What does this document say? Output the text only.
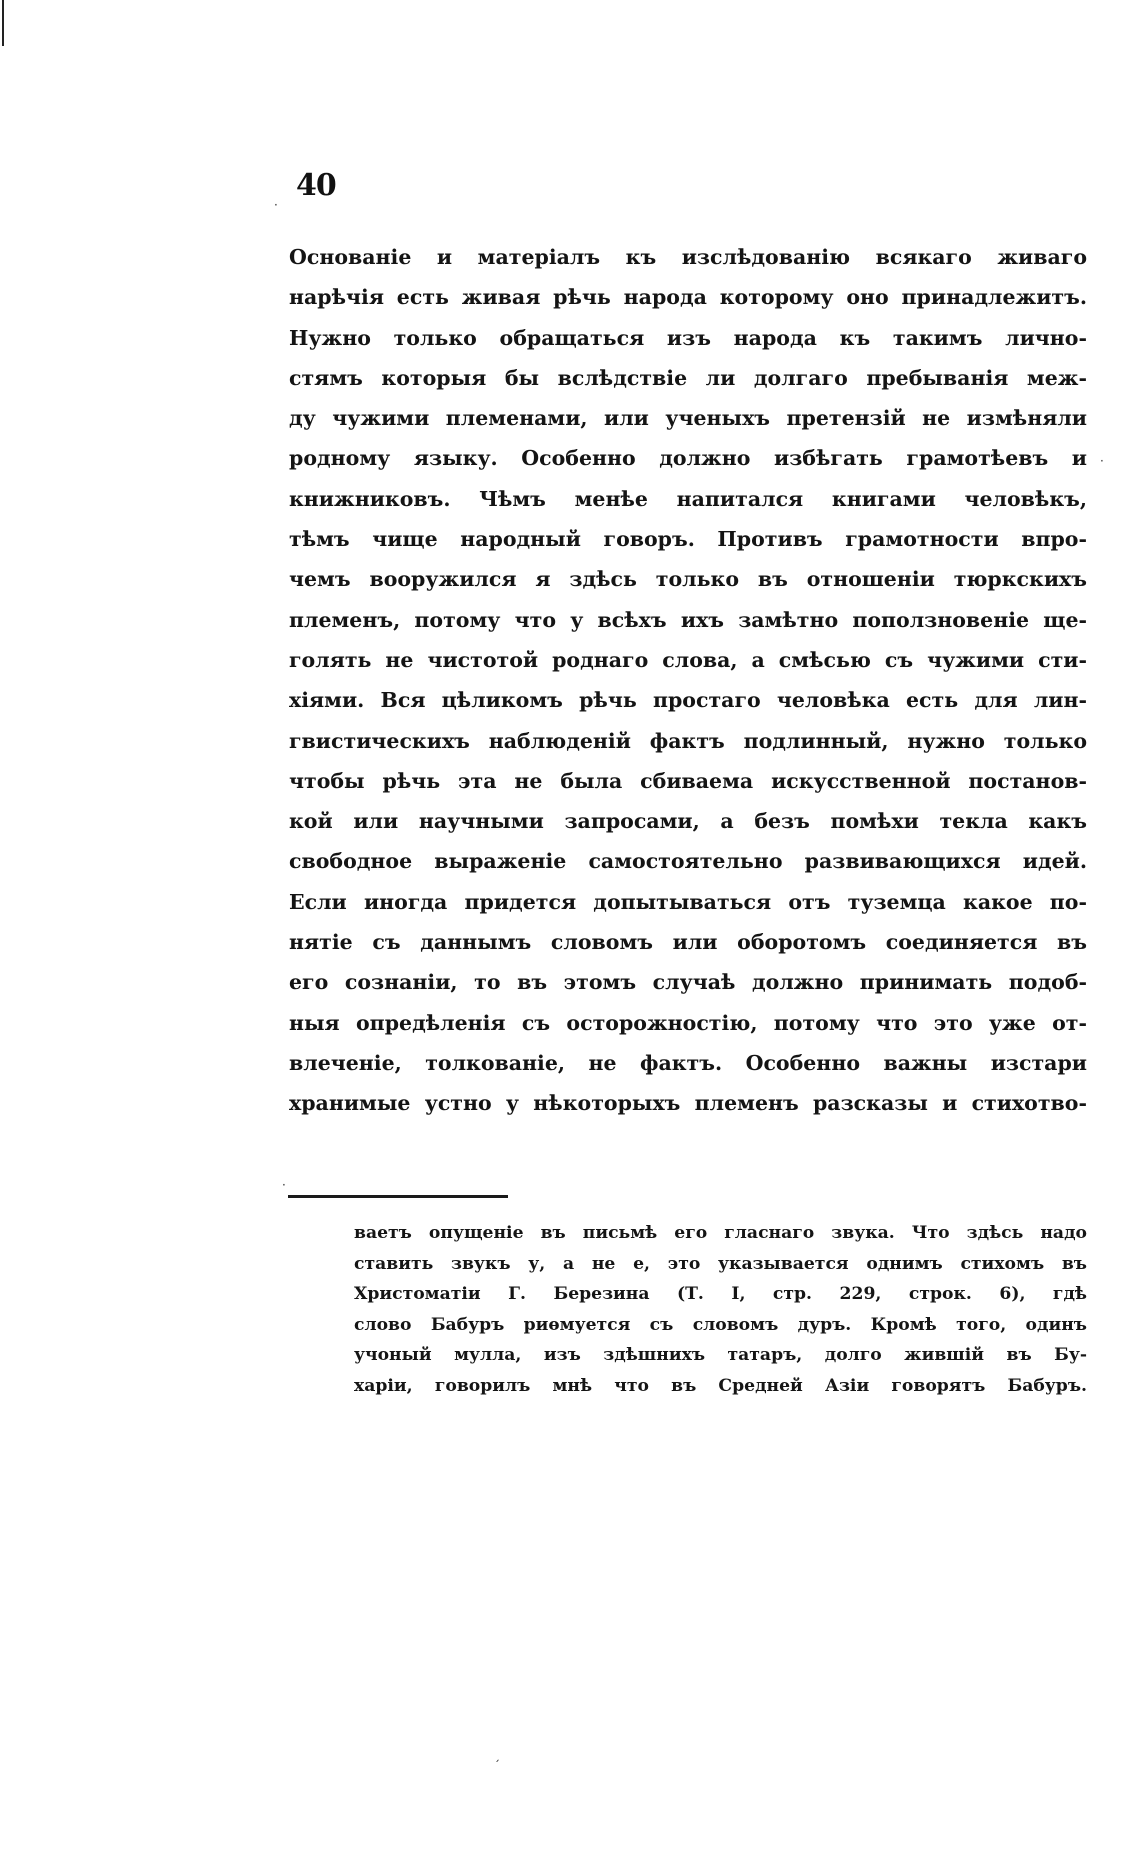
40
·
·
·
ˏ
Основаніе и матеріалъ къ изслѣдованію всякаго живаго
нарѣчія есть живая рѣчь народа которому оно принадлежитъ.
Нужно только обращаться изъ народа къ такимъ лично-
стямъ которыя бы вслѣдствіе ли долгаго пребыванія меж-
ду чужими племенами, или ученыхъ претензій не измѣняли
родному языку. Особенно должно избѣгать грамотѣевъ и
книжниковъ. Чѣмъ менѣе напитался книгами человѣкъ,
тѣмъ чище народный говоръ. Противъ грамотности впро-
чемъ вооружился я здѣсь только въ отношеніи тюркскихъ
племенъ, потому что у всѣхъ ихъ замѣтно поползновеніе ще-
голять не чистотой роднаго слова, а смѣсью съ чужими сти-
хіями. Вся цѣликомъ рѣчь простаго человѣка есть для лин-
гвистическихъ наблюденій фактъ подлинный, нужно только
чтобы рѣчь эта не была сбиваема искусственной постанов-
кой или научными запросами, а безъ помѣхи текла какъ
свободное выраженіе самостоятельно развивающихся идей.
Если иногда придется допытываться отъ туземца какое по-
нятіе съ даннымъ словомъ или оборотомъ соединяется въ
его сознаніи, то въ этомъ случаѣ должно принимать подоб-
ныя опредѣленія съ осторожностію, потому что это уже от-
влеченіе, толкованіе, не фактъ. Особенно важны изстари
хранимые устно у нѣкоторыхъ племенъ разсказы и стихотво-
ваетъ опущеніе въ письмѣ его гласнаго звука. Что здѣсь надо
ставить звукъ у, а не е, это указывается однимъ стихомъ въ
Христоматіи Г. Березина (Т. I, стр. 229, строк. 6), гдѣ
слово Бабуръ риѳмуется съ словомъ дуръ. Кромѣ того, одинъ
учоный мулла, изъ здѣшнихъ татаръ, долго жившій въ Бу-
харіи, говорилъ мнѣ что въ Средней Азіи говорятъ Бабуръ.
